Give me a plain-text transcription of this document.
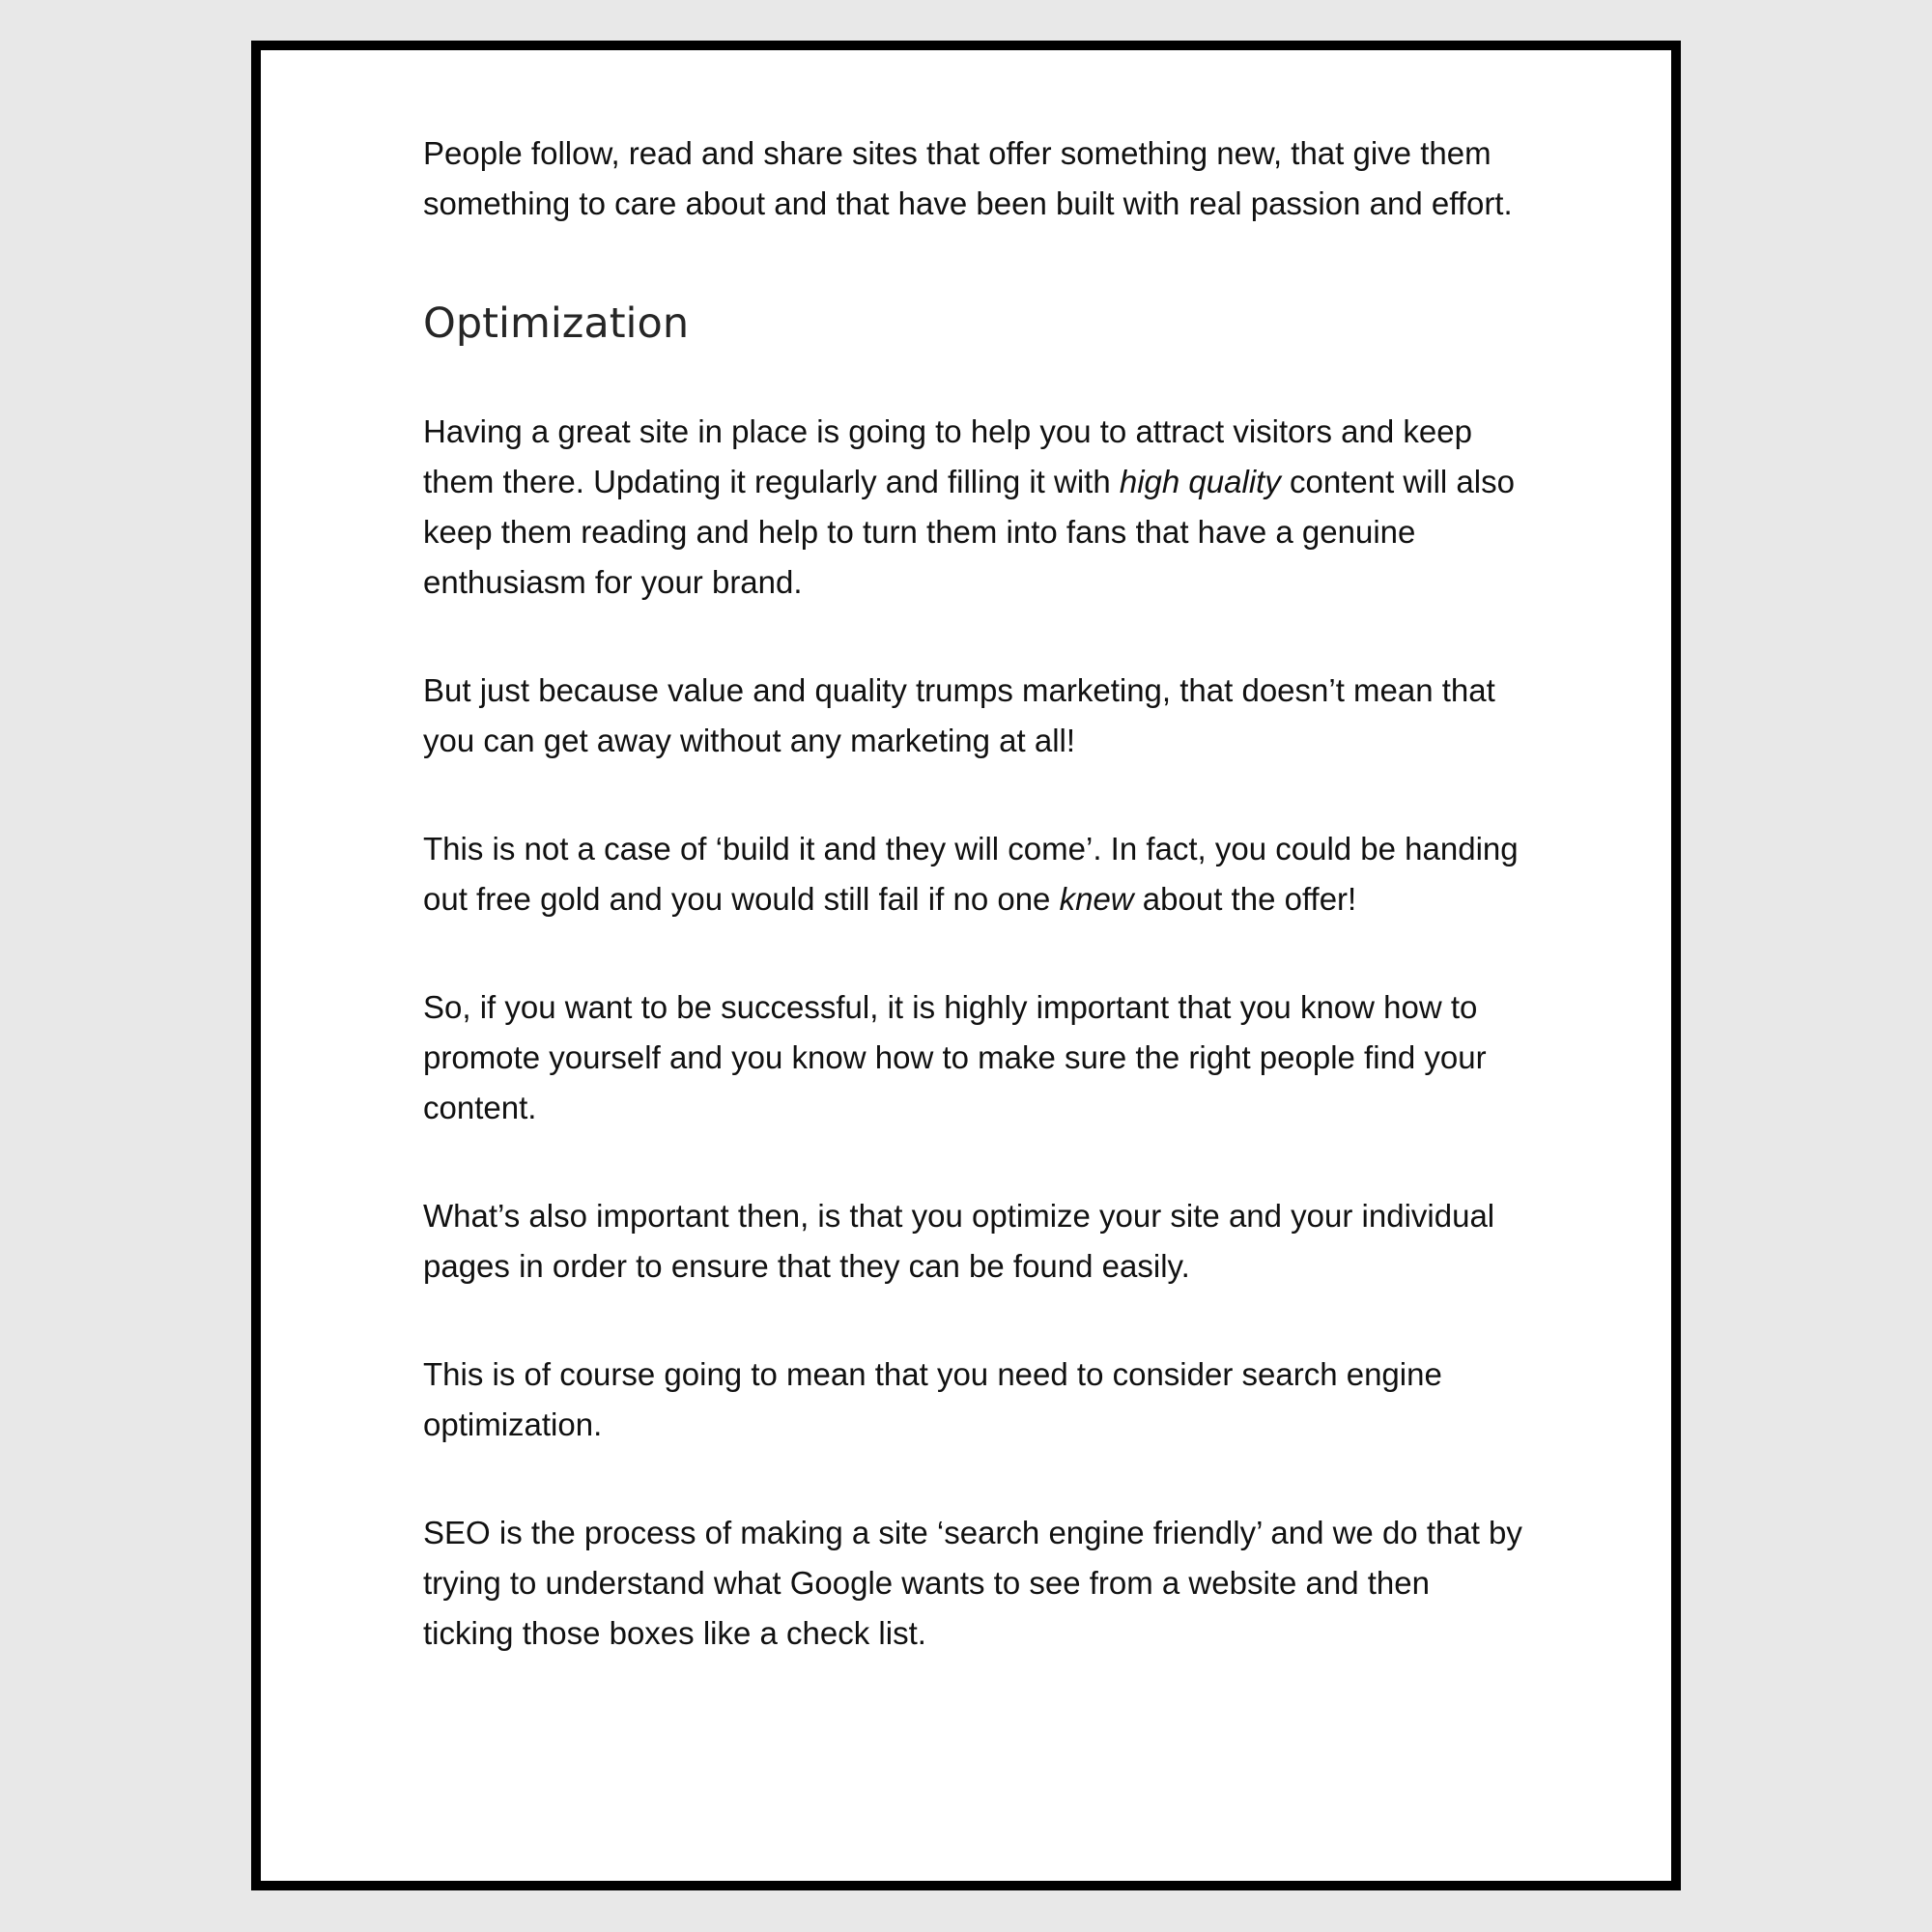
People follow, read and share sites that offer something new, that give them something to care about and that have been built with real passion and effort.

Optimization

Having a great site in place is going to help you to attract visitors and keep them there. Updating it regularly and filling it with high quality content will also keep them reading and help to turn them into fans that have a genuine enthusiasm for your brand.

But just because value and quality trumps marketing, that doesn’t mean that you can get away without any marketing at all!

This is not a case of ‘build it and they will come’. In fact, you could be handing out free gold and you would still fail if no one knew about the offer!

So, if you want to be successful, it is highly important that you know how to promote yourself and you know how to make sure the right people find your content.

What’s also important then, is that you optimize your site and your individual pages in order to ensure that they can be found easily.

This is of course going to mean that you need to consider search engine optimization.

SEO is the process of making a site ‘search engine friendly’ and we do that by trying to understand what Google wants to see from a website and then ticking those boxes like a check list.
